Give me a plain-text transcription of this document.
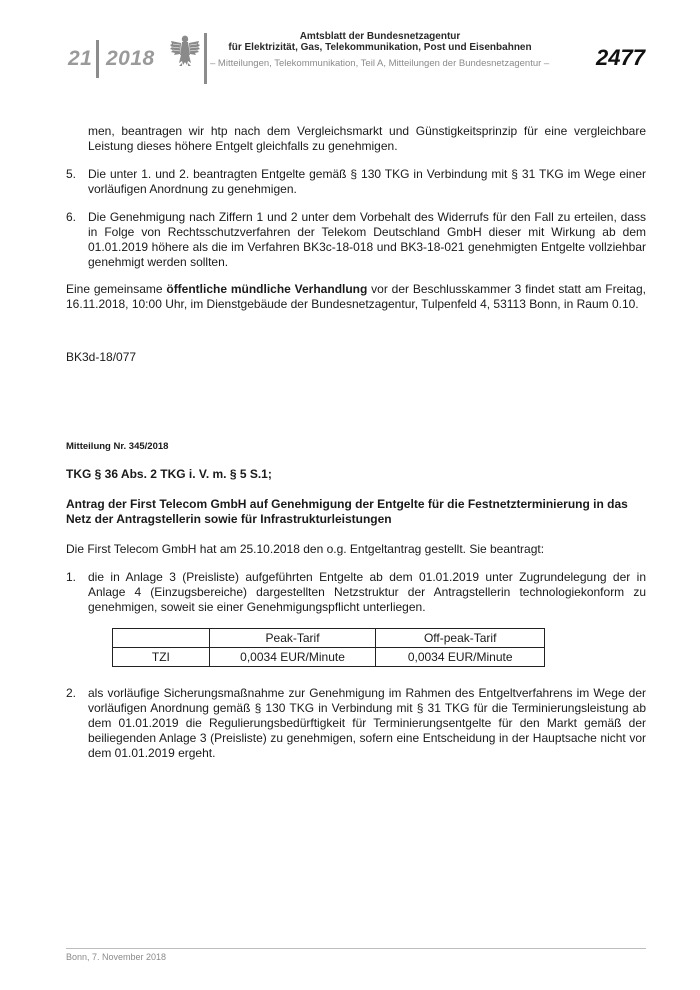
21 2018
Amtsblatt der Bundesnetzagentur
für Elektrizität, Gas, Telekommunikation, Post und Eisenbahnen
– Mitteilungen, Telekommunikation, Teil A, Mitteilungen der Bundesnetzagentur – 2477
men, beantragen wir htp nach dem Vergleichsmarkt und Günstigkeitsprinzip für eine vergleichbare Leistung dieses höhere Entgelt gleichfalls zu genehmigen.
5. Die unter 1. und 2. beantragten Entgelte gemäß § 130 TKG in Verbindung mit § 31 TKG im Wege einer vorläufigen Anordnung zu genehmigen.
6. Die Genehmigung nach Ziffern 1 und 2 unter dem Vorbehalt des Widerrufs für den Fall zu erteilen, dass in Folge von Rechtsschutzverfahren der Telekom Deutschland GmbH dieser mit Wirkung ab dem 01.01.2019 höhere als die im Verfahren BK3c-18-018 und BK3-18-021 genehmigten Entgelte vollziehbar genehmigt werden sollten.
Eine gemeinsame öffentliche mündliche Verhandlung vor der Beschlusskammer 3 findet statt am Freitag, 16.11.2018, 10:00 Uhr, im Dienstgebäude der Bundesnetzagentur, Tulpenfeld 4, 53113 Bonn, in Raum 0.10.
BK3d-18/077
Mitteilung Nr. 345/2018
TKG § 36 Abs. 2 TKG i. V. m. § 5 S.1;
Antrag der First Telecom GmbH auf Genehmigung der Entgelte für die Festnetzterminierung in das Netz der Antragstellerin sowie für Infrastrukturleistungen
Die First Telecom GmbH hat am 25.10.2018 den o.g. Entgeltantrag gestellt. Sie beantragt:
1. die in Anlage 3 (Preisliste) aufgeführten Entgelte ab dem 01.01.2019 unter Zugrundelegung der in Anlage 4 (Einzugsbereiche) dargestellten Netzstruktur der Antragstellerin technologiekonform zu genehmigen, soweit sie einer Genehmigungspflicht unterliegen.
	Peak-Tarif	Off-peak-Tarif
TZI	0,0034 EUR/Minute	0,0034 EUR/Minute
2. als vorläufige Sicherungsmaßnahme zur Genehmigung im Rahmen des Entgeltverfahrens im Wege der vorläufigen Anordnung gemäß § 130 TKG in Verbindung mit § 31 TKG für die Terminierungsleistung ab dem 01.01.2019 die Regulierungsbedürftigkeit für Terminierungsentgelte für den Markt gemäß der beiliegenden Anlage 3 (Preisliste) zu genehmigen, sofern eine Entscheidung in der Hauptsache nicht vor dem 01.01.2019 ergeht.
Bonn, 7. November 2018
